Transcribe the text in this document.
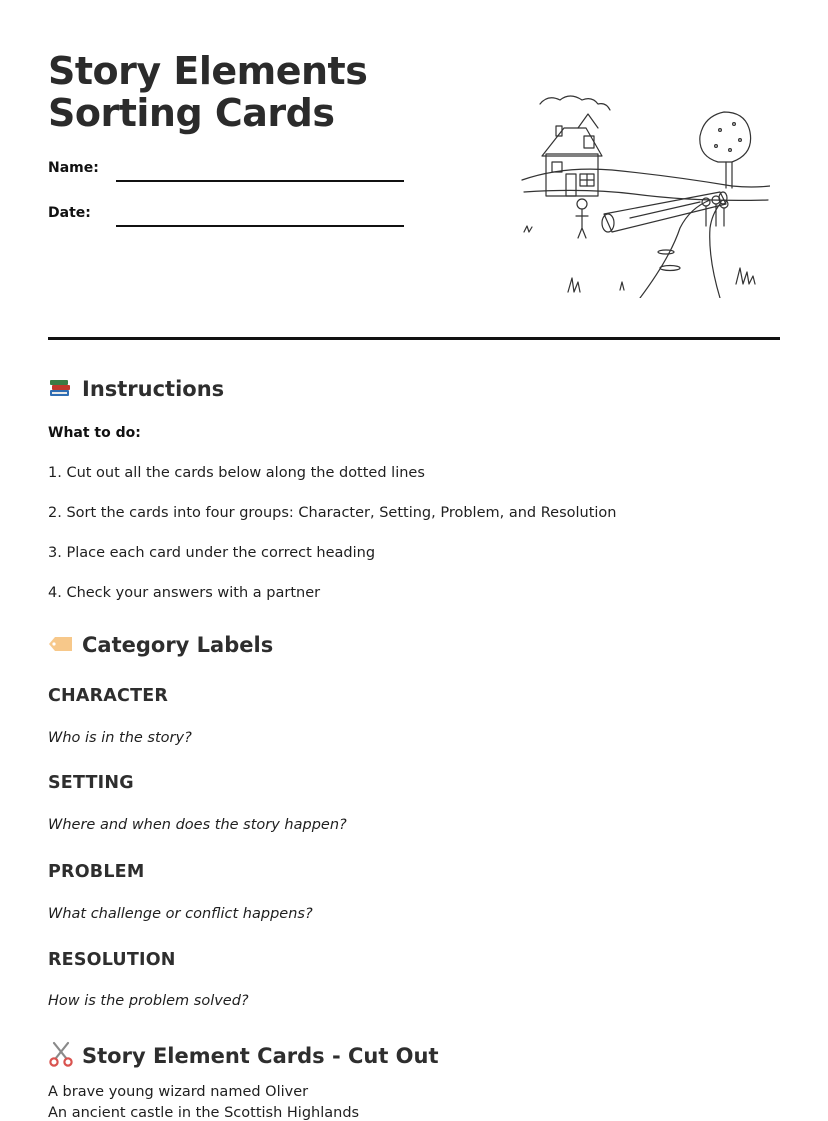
Story Elements Sorting Cards
Name:
Date:
Instructions

What to do:

1. Cut out all the cards below along the dotted lines
2. Sort the cards into four groups: Character, Setting, Problem, and Resolution
3. Place each card under the correct heading
4. Check your answers with a partner
Category Labels
CHARACTER
Who is in the story?
SETTING
Where and when does the story happen?
PROBLEM
What challenge or conflict happens?
RESOLUTION
How is the problem solved?
Story Element Cards - Cut Out
A brave young wizard named Oliver
An ancient castle in the Scottish Highlands
